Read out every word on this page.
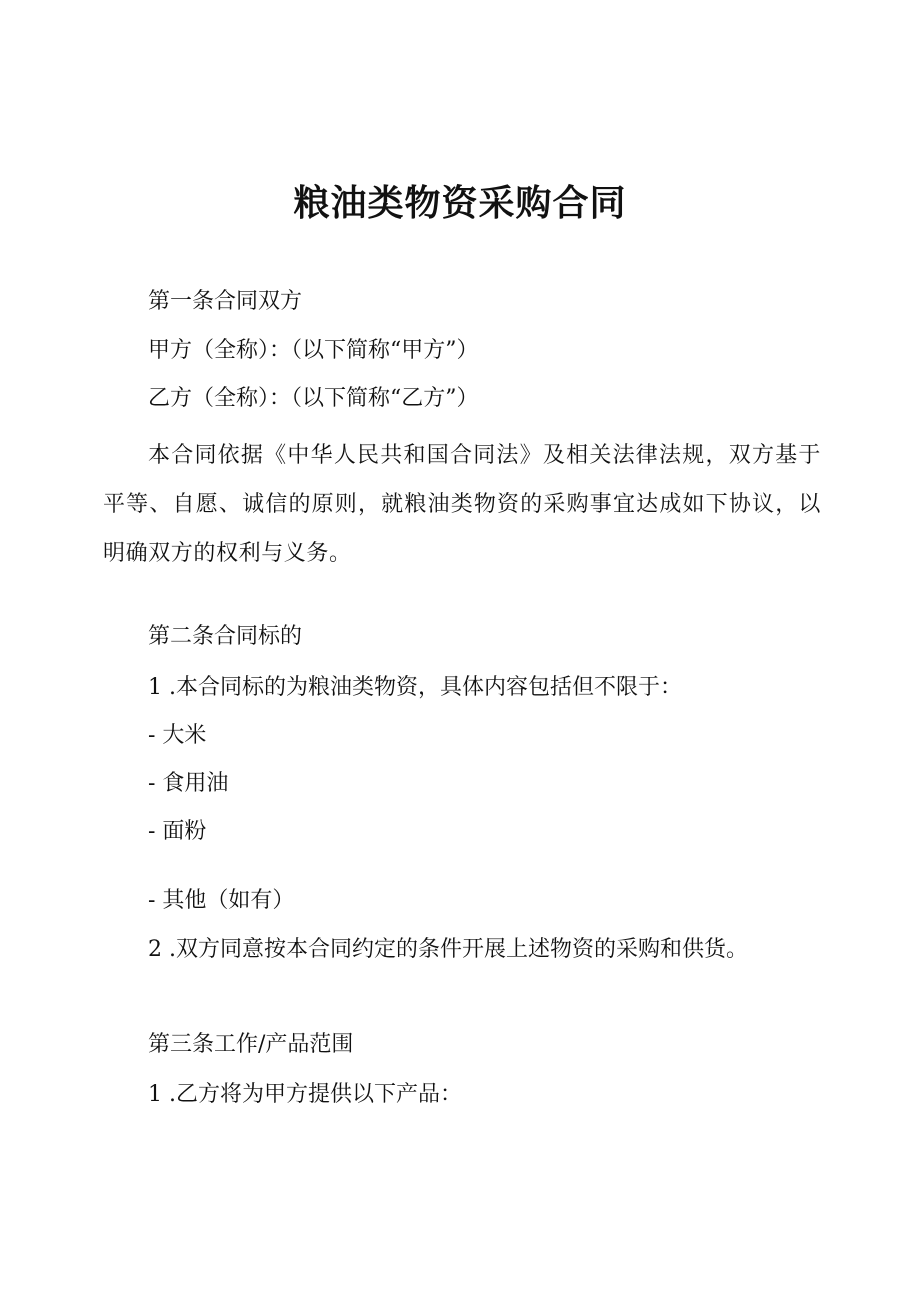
粮油类物资采购合同
第一条合同双方
甲方（全称）：（以下简称“甲方”）
乙方（全称）：（以下简称“乙方”）
本合同依据《中华人民共和国合同法》及相关法律法规，双方基于平等、自愿、诚信的原则，就粮油类物资的采购事宜达成如下协议，以明确双方的权利与义务。
第二条合同标的
1 .本合同标的为粮油类物资，具体内容包括但不限于：
- 大米
- 食用油
- 面粉
- 其他（如有）
2 .双方同意按本合同约定的条件开展上述物资的采购和供货。
第三条工作/产品范围
1 .乙方将为甲方提供以下产品：
